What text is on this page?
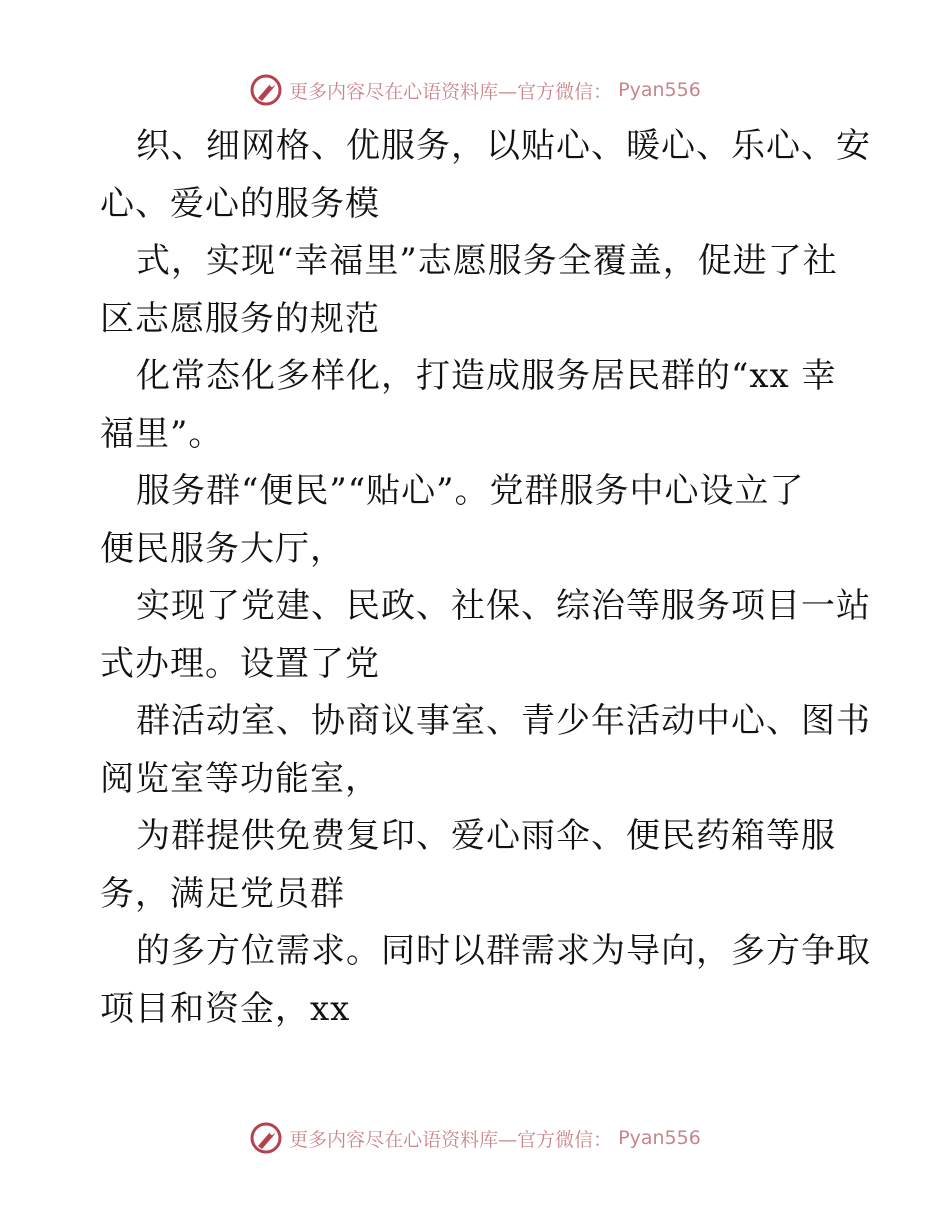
更多内容尽在心语资料库—官方微信： Pyan556
织、细网格、优服务，以贴心、暖心、乐心、安
心、爱心的服务模
式，实现“幸福里”志愿服务全覆盖，促进了社
区志愿服务的规范
化常态化多样化，打造成服务居民群的“xx 幸
福里”。
服务群“便民”“贴心”。党群服务中心设立了
便民服务大厅，
实现了党建、民政、社保、综治等服务项目一站
式办理。设置了党
群活动室、协商议事室、青少年活动中心、图书
阅览室等功能室，
为群提供免费复印、爱心雨伞、便民药箱等服
务，满足党员群
的多方位需求。同时以群需求为导向，多方争取
项目和资金，xx
更多内容尽在心语资料库—官方微信： Pyan556
